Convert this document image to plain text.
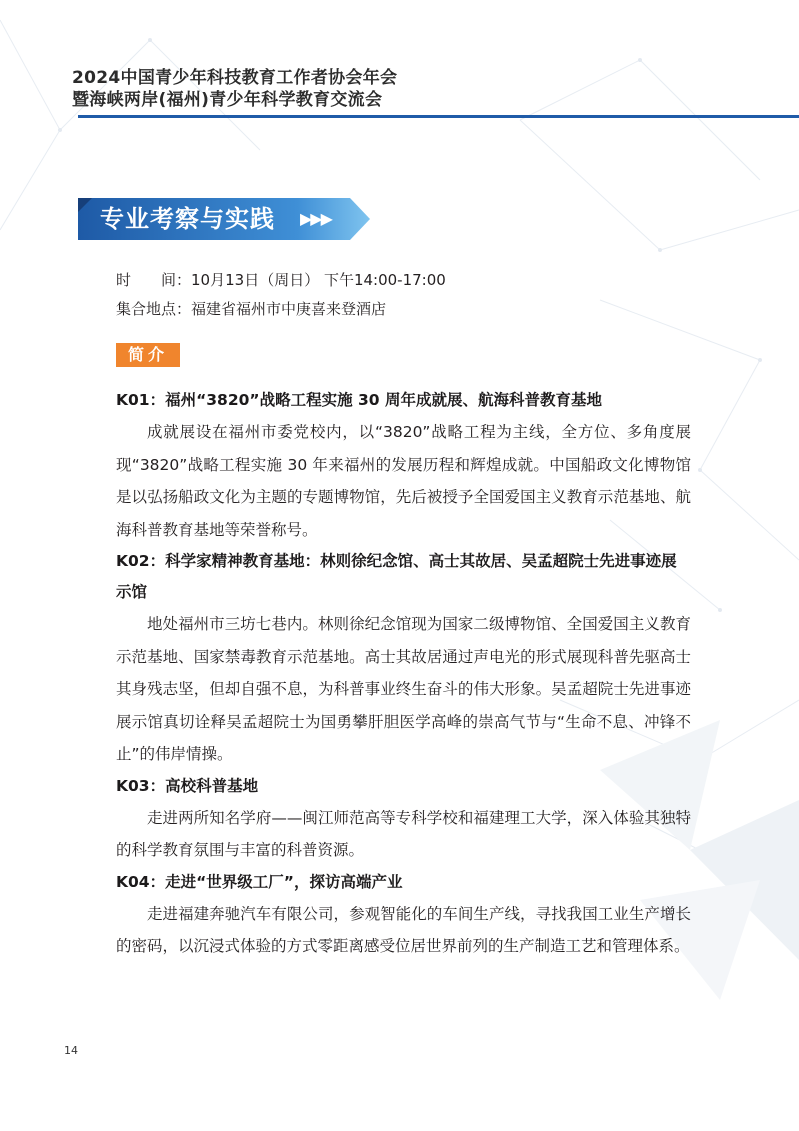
2024中国青少年科技教育工作者协会年会
暨海峡两岸(福州)青少年科学教育交流会
专业考察与实践 ▶▶▶
时　　间：10月13日（周日） 下午14:00-17:00
集合地点：福建省福州市中庚喜来登酒店
简介
K01：福州“3820”战略工程实施 30 周年成就展、航海科普教育基地

成就展设在福州市委党校内，以“3820”战略工程为主线，全方位、多角度展现“3820”战略工程实施 30 年来福州的发展历程和辉煌成就。中国船政文化博物馆是以弘扬船政文化为主题的专题博物馆，先后被授予全国爱国主义教育示范基地、航海科普教育基地等荣誉称号。

K02：科学家精神教育基地：林则徐纪念馆、高士其故居、吴孟超院士先进事迹展示馆

地处福州市三坊七巷内。林则徐纪念馆现为国家二级博物馆、全国爱国主义教育示范基地、国家禁毒教育示范基地。高士其故居通过声电光的形式展现科普先驱高士其身残志坚，但却自强不息，为科普事业终生奋斗的伟大形象。吴孟超院士先进事迹展示馆真切诠释吴孟超院士为国勇攀肝胆医学高峰的崇高气节与“生命不息、冲锋不止”的伟岸情操。

K03：高校科普基地

走进两所知名学府——闽江师范高等专科学校和福建理工大学，深入体验其独特的科学教育氛围与丰富的科普资源。

K04：走进“世界级工厂”，探访高端产业

走进福建奔驰汽车有限公司，参观智能化的车间生产线，寻找我国工业生产增长的密码，以沉浸式体验的方式零距离感受位居世界前列的生产制造工艺和管理体系。

14
